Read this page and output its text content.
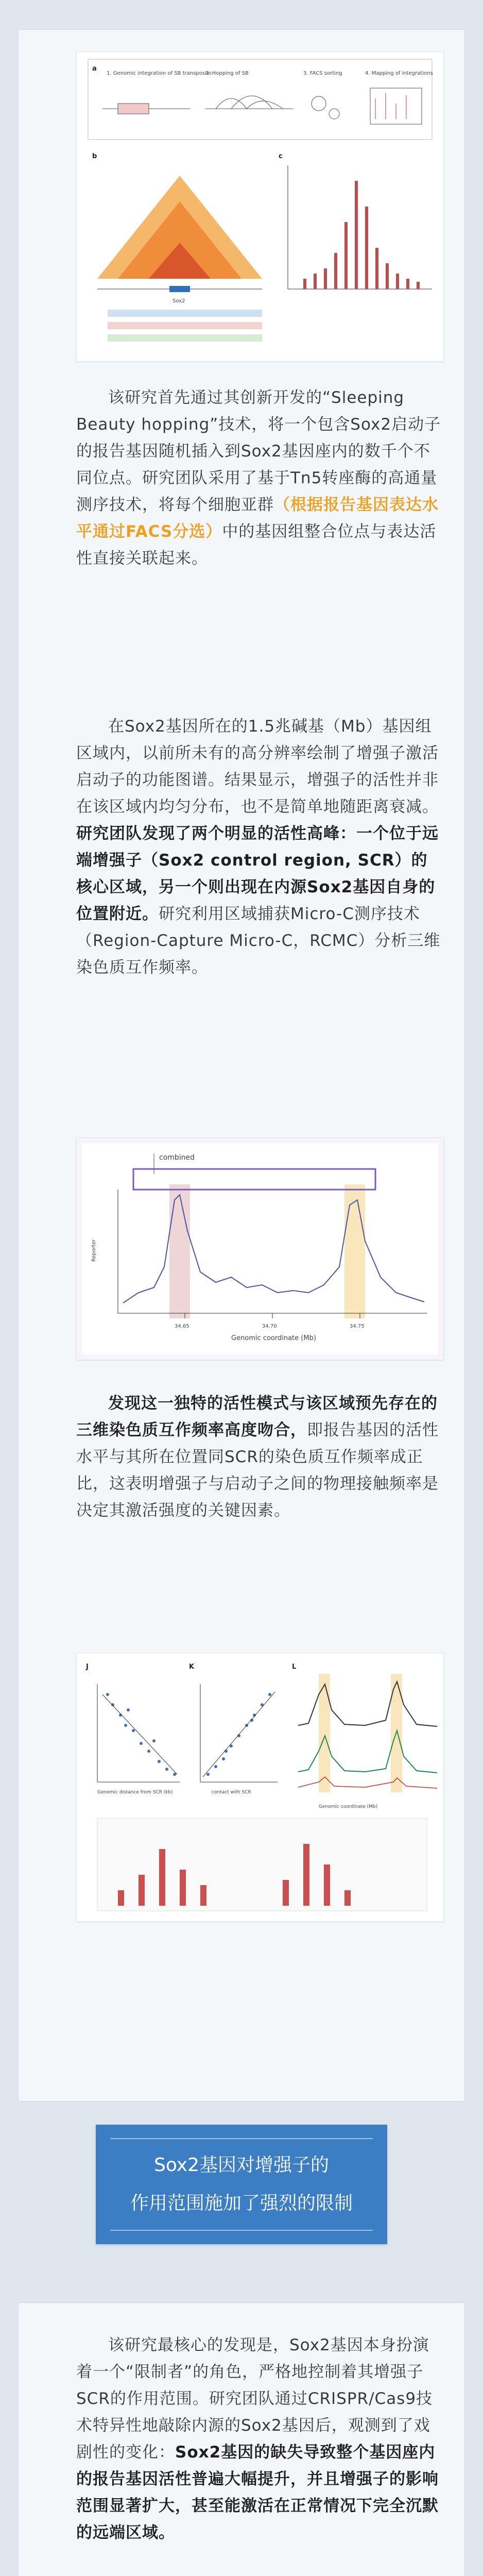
a
1. Genomic integration of SB transposon
2. Hopping of SB	3. FACS sorting	4. Mapping of integrations
b
Sox2
c

该研究首先通过其创新开发的“Sleeping Beauty hopping”技术，将一个包含Sox2启动子的报告基因随机插入到Sox2基因座内的数千个不同位点。研究团队采用了基于Tn5转座酶的高通量测序技术，将每个细胞亚群（根据报告基因表达水平通过FACS分选）中的基因组整合位点与表达活性直接关联起来。

在Sox2基因所在的1.5兆碱基（Mb）基因组区域内，以前所未有的高分辨率绘制了增强子激活启动子的功能图谱。结果显示，增强子的活性并非在该区域内均匀分布，也不是简单地随距离衰减。研究团队发现了两个明显的活性高峰：一个位于远端增强子（Sox2 control region, SCR）的核心区域，另一个则出现在内源Sox2基因自身的位置附近。研究利用区域捕获Micro-C测序技术（Region-Capture Micro-C，RCMC）分析三维染色质互作频率。

combined
Reporter
34.65	34.70	34.75
Genomic coordinate (Mb)

发现这一独特的活性模式与该区域预先存在的三维染色质互作频率高度吻合，即报告基因的活性水平与其所在位置同SCR的染色质互作频率成正比，这表明增强子与启动子之间的物理接触频率是决定其激活强度的关键因素。

J
Genomic distance from SCR (kb)
K
contact with SCR
L
Genomic coordinate (Mb)

Sox2基因对增强子的
作用范围施加了强烈的限制

该研究最核心的发现是，Sox2基因本身扮演着一个“限制者”的角色，严格地控制着其增强子SCR的作用范围。研究团队通过CRISPR/Cas9技术特异性地敲除内源的Sox2基因后，观测到了戏剧性的变化：Sox2基因的缺失导致整个基因座内的报告基因活性普遍大幅提升，并且增强子的影响范围显著扩大，甚至能激活在正常情况下完全沉默的远端区域。
